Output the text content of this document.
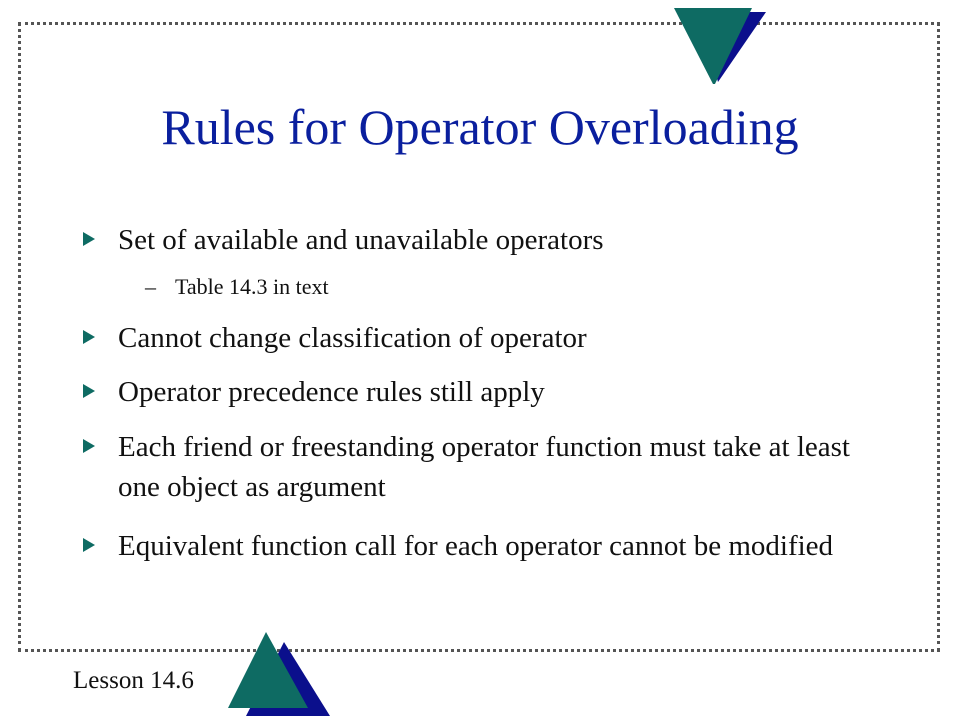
Rules for Operator Overloading
Set of available and unavailable operators
– Table 14.3 in text
Cannot change classification of operator
Operator precedence rules still apply
Each friend or freestanding operator function must take at least one object as argument
Equivalent function call for each operator cannot be modified
Lesson 14.6
